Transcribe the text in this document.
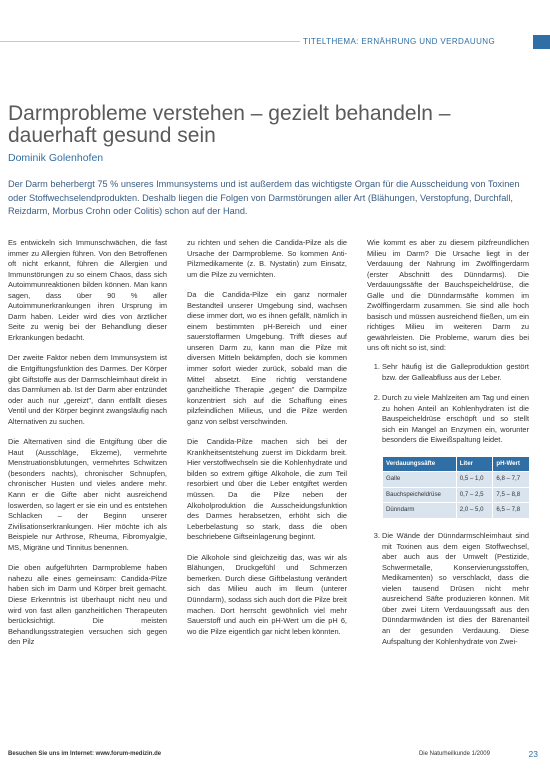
TITELTHEMA: ERNÄHRUNG UND VERDAUUNG
Darmprobleme verstehen – gezielt behandeln – dauerhaft gesund sein
Dominik Golenhofen

Der Darm beherbergt 75 % unseres Immunsystems und ist außerdem das wichtigste Organ für die Ausscheidung von Toxinen oder Stoffwechselendprodukten. Deshalb liegen die Folgen von Darmstörungen aller Art (Blähungen, Verstopfung, Durchfall, Reizdarm, Morbus Crohn oder Colitis) schon auf der Hand.

Es entwickeln sich Immunschwächen, die fast immer zu Allergien führen. Von den Betroffenen oft nicht erkannt, führen die Allergien und Immunstörungen zu so einem Chaos, dass sich Autoimmunreaktionen bilden können. Man kann sagen, dass über 90 % aller Autoimmunerkrankungen ihren Ursprung im Darm haben. Leider wird dies von ärztlicher Seite zu wenig bei der Behandlung dieser Erkrankungen bedacht.

Der zweite Faktor neben dem Immunsystem ist die Entgiftungsfunktion des Darmes. Der Körper gibt Giftstoffe aus der Darmschleimhaut direkt in das Darmlumen ab. Ist der Darm aber entzündet oder auch nur „gereizt", dann entfällt dieses Ventil und der Körper beginnt zwangsläufig nach Alternativen zu suchen.

Die Alternativen sind die Entgiftung über die Haut (Ausschläge, Ekzeme), vermehrte Menstruationsblutungen, vermehrtes Schwitzen (besonders nachts), chronischer Schnupfen, chronischer Husten und vieles andere mehr. Kann er die Gifte aber nicht ausreichend loswerden, so lagert er sie ein und es entstehen Schlacken – der Beginn unserer Zivilisationserkrankungen. Hier möchte ich als Beispiele nur Arthrose, Rheuma, Fibromyalgie, MS, Migräne und Tinnitus benennen.

Die oben aufgeführten Darmprobleme haben nahezu alle eines gemeinsam: Candida-Pilze haben sich im Darm und Körper breit gemacht. Diese Erkenntnis ist überhaupt nicht neu und wird von fast allen ganzheitlichen Therapeuten berücksichtigt. Die meisten Behandlungsstrategien versuchen sich gegen den Pilz

zu richten und sehen die Candida-Pilze als die Ursache der Darmprobleme. So kommen Anti-Pilzmedikamente (z. B. Nystatin) zum Einsatz, um die Pilze zu vernichten.

Da die Candida-Pilze ein ganz normaler Bestandteil unserer Umgebung sind, wachsen diese immer dort, wo es ihnen gefällt, nämlich in einem bestimmten pH-Bereich und einer sauerstoffarmen Umgebung. Trifft dieses auf unseren Darm zu, kann man die Pilze mit diversen Mitteln bekämpfen, doch sie kommen immer sofort wieder zurück, sobald man die Mittel absetzt. Eine richtig verstandene ganzheitliche Therapie „gegen" die Darmpilze konzentriert sich auf die Schaffung eines pilzfeindlichen Milieus, und die Pilze werden ganz von selbst verschwinden.

Die Candida-Pilze machen sich bei der Krankheitsentstehung zuerst im Dickdarm breit. Hier verstoffwechseln sie die Kohlenhydrate und bilden so extrem giftige Alkohole, die zum Teil resorbiert und über die Leber entgiftet werden müssen. Da die Pilze neben der Alkoholproduktion die Ausscheidungsfunktion des Darmes herabsetzen, erhöht sich die Leberbelastung so stark, dass die oben beschriebene Giftseinlagerung beginnt.

Die Alkohole sind gleichzeitig das, was wir als Blähungen, Druckgefühl und Schmerzen bemerken. Durch diese Giftbelastung verändert sich das Milieu auch im Ileum (unterer Dünndarm), sodass sich auch dort die Pilze breit machen. Dort herrscht gewöhnlich viel mehr Sauerstoff und auch ein pH-Wert um die pH 6, wo die Pilze eigentlich gar nicht leben könnten.

Wie kommt es aber zu diesem pilzfreundlichen Milieu im Darm? Die Ursache liegt in der Verdauung der Nahrung im Zwölffingerdarm (erster Abschnitt des Dünndarms). Die Verdauungssäfte der Bauchspeicheldrüse, die Galle und die Dünndarmsäfte kommen im Zwölffingerdarm zusammen. Sie sind alle hoch basisch und müssen ausreichend fließen, um ein richtiges Milieu im weiteren Darm zu gewährleisten. Die Probleme, warum dies bei uns oft nicht so ist, sind:

1. Sehr häufig ist die Galleproduktion gestört bzw. der Galleabfluss aus der Leber.
2. Durch zu viele Mahlzeiten am Tag und einen zu hohen Anteil an Kohlenhydraten ist die Bauspeicheldrüse erschöpft und so stellt sich ein Mangel an Enzymen ein, worunter besonders die Eiweißspaltung leidet.
Verdauungssäfte	Liter	pH-Wert
Galle	0,5 – 1,0	6,8 – 7,7
Bauchspeicheldrüse	0,7 – 2,5	7,5 – 8,8
Dünndarm	2,0 – 5,0	6,5 – 7,8
3. Die Wände der Dünndarmschleimhaut sind mit Toxinen aus dem eigen Stoffwechsel, aber auch aus der Umwelt (Pestizide, Schwermetalle, Konservierungsstoffen, Medikamenten) so verschlackt, dass die vielen tausend Drüsen nicht mehr ausreichend Säfte produzieren können. Mit über zwei Litern Verdauungssaft aus den Dünndarmwänden ist dies der Bärenanteil an der gesunden Verdauung. Diese Aufspaltung der Kohlenhydrate von Zwei-
Besuchen Sie uns im Internet: www.forum-medizin.de	Die Naturheilkunde 1/2009	23
